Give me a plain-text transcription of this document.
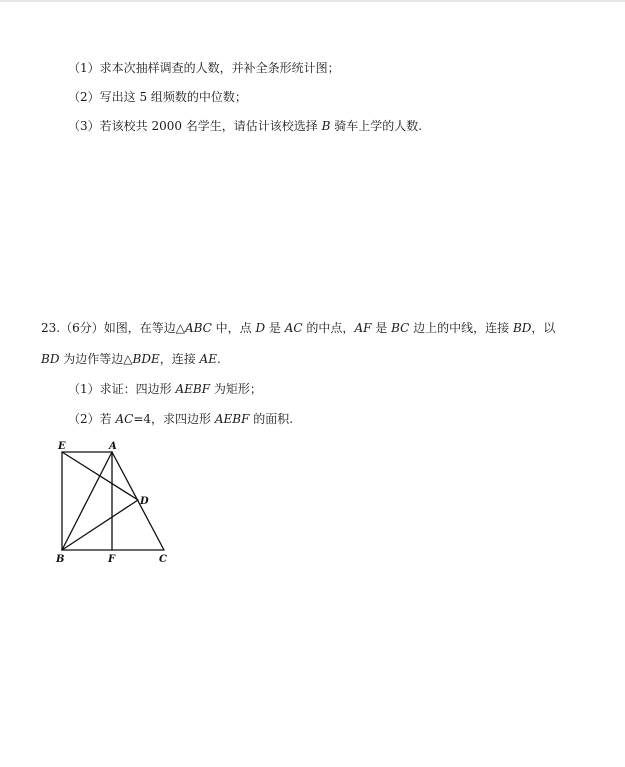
（1）求本次抽样调查的人数，并补全条形统计图；
（2）写出这 5 组频数的中位数；
（3）若该校共 2000 名学生，请估计该校选择 B 骑车上学的人数.
23.（6分）如图，在等边△ABC 中，点 D 是 AC 的中点，AF 是 BC 边上的中线，连接 BD，以
BD 为边作等边△BDE，连接 AE.
（1）求证：四边形 AEBF 为矩形；
（2）若 AC=4，求四边形 AEBF 的面积.
E	A
D
B	F	C
